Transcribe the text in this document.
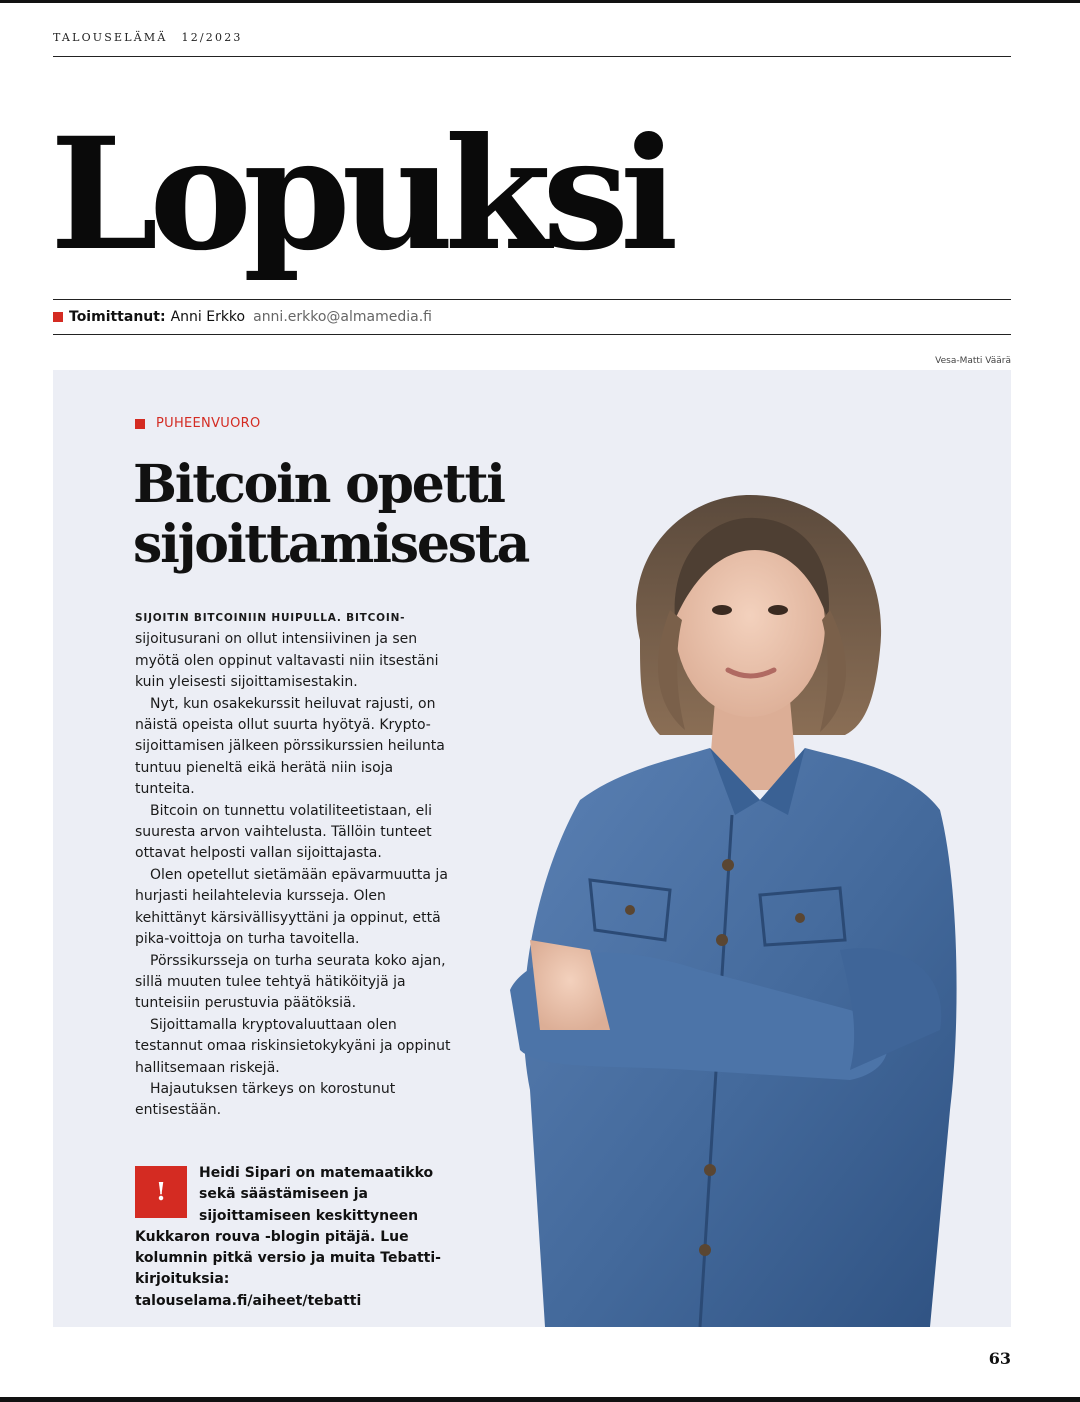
TALOUSELÄMÄ 12/2023
Lopuksi
Toimittanut: Anni Erkko anni.erkko@almamedia.fi
Vesa-Matti Väärä
PUHEENVUORO
Bitcoin opetti sijoittamisesta

SIJOITIN BITCOINIIN HUIPULLA. BITCOIN- sijoitusurani on ollut intensiivinen ja sen myötä olen oppinut valtavasti niin itsestäni kuin yleisesti sijoittamisestakin.

Nyt, kun osakekurssit heiluvat rajusti, on näistä opeista ollut suurta hyötyä. Krypto-sijoittamisen jälkeen pörssikurssien heilunta tuntuu pieneltä eikä herätä niin isoja tunteita.

Bitcoin on tunnettu volatiliteetistaan, eli suuresta arvon vaihtelusta. Tällöin tunteet ottavat helposti vallan sijoittajasta.

Olen opetellut sietämään epävarmuutta ja hurjasti heilahtelevia kursseja. Olen kehittänyt kärsivällisyyttäni ja oppinut, että pika-voittoja on turha tavoitella.

Pörssikursseja on turha seurata koko ajan, sillä muuten tulee tehtyä hätiköityjä ja tunteisiin perustuvia päätöksiä.

Sijoittamalla kryptovaluuttaan olen testannut omaa riskinsietokykyäni ja oppinut hallitsemaan riskejä.

Hajautuksen tärkeys on korostunut entisestään.

!
Heidi Sipari on matemaatikko sekä säästämiseen ja sijoittamiseen keskittyneen Kukkaron rouva -blogin pitäjä. Lue kolumnin pitkä versio ja muita Tebatti-kirjoituksia: talouselama.fi/aiheet/tebatti
63
